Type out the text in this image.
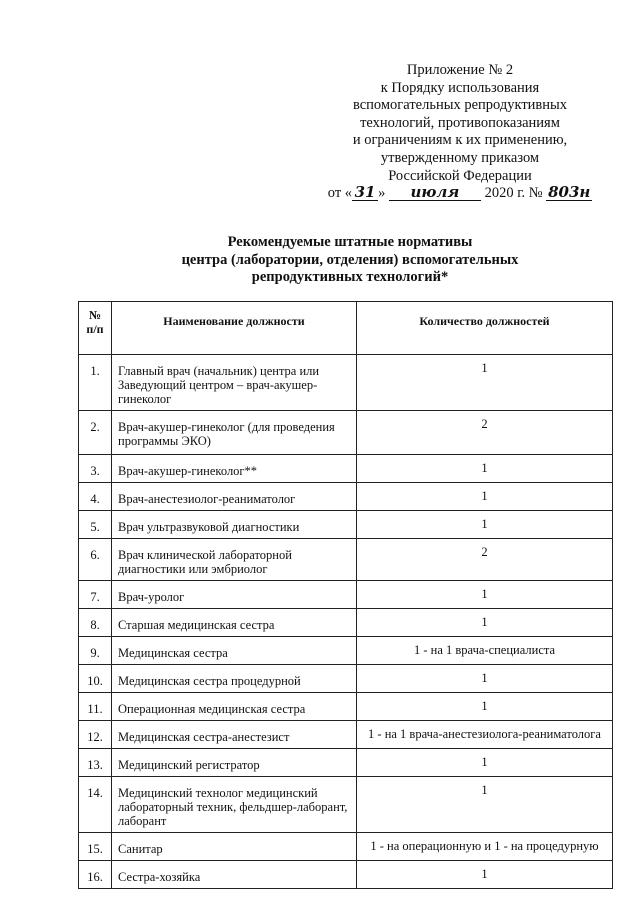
Приложение № 2
к Порядку использования
вспомогательных репродуктивных
технологий, противопоказаниям
и ограничениям к их применению,
утвержденному приказом
Российской Федерации
от « 31 » июля 2020 г. № 803н
Рекомендуемые штатные нормативы
центра (лаборатории, отделения) вспомогательных
репродуктивных технологий*
№
п/п	Наименование должности	Количество должностей
1.	Главный врач (начальник) центра или Заведующий центром – врач-акушер-гинеколог	1
2.	Врач-акушер-гинеколог (для проведения программы ЭКО)	2
3.	Врач-акушер-гинеколог**	1
4.	Врач-анестезиолог-реаниматолог	1
5.	Врач ультразвуковой диагностики	1
6.	Врач клинической лабораторной диагностики или эмбриолог	2
7.	Врач-уролог	1
8.	Старшая медицинская сестра	1
9.	Медицинская сестра	1 - на 1 врача-специалиста
10.	Медицинская сестра процедурной	1
11.	Операционная медицинская сестра	1
12.	Медицинская сестра-анестезист	1 - на 1 врача-анестезиолога-реаниматолога
13.	Медицинский регистратор	1
14.	Медицинский технолог медицинский лабораторный техник, фельдшер-лаборант, лаборант	1
15.	Санитар	1 - на операционную и 1 - на процедурную
16.	Сестра-хозяйка	1
